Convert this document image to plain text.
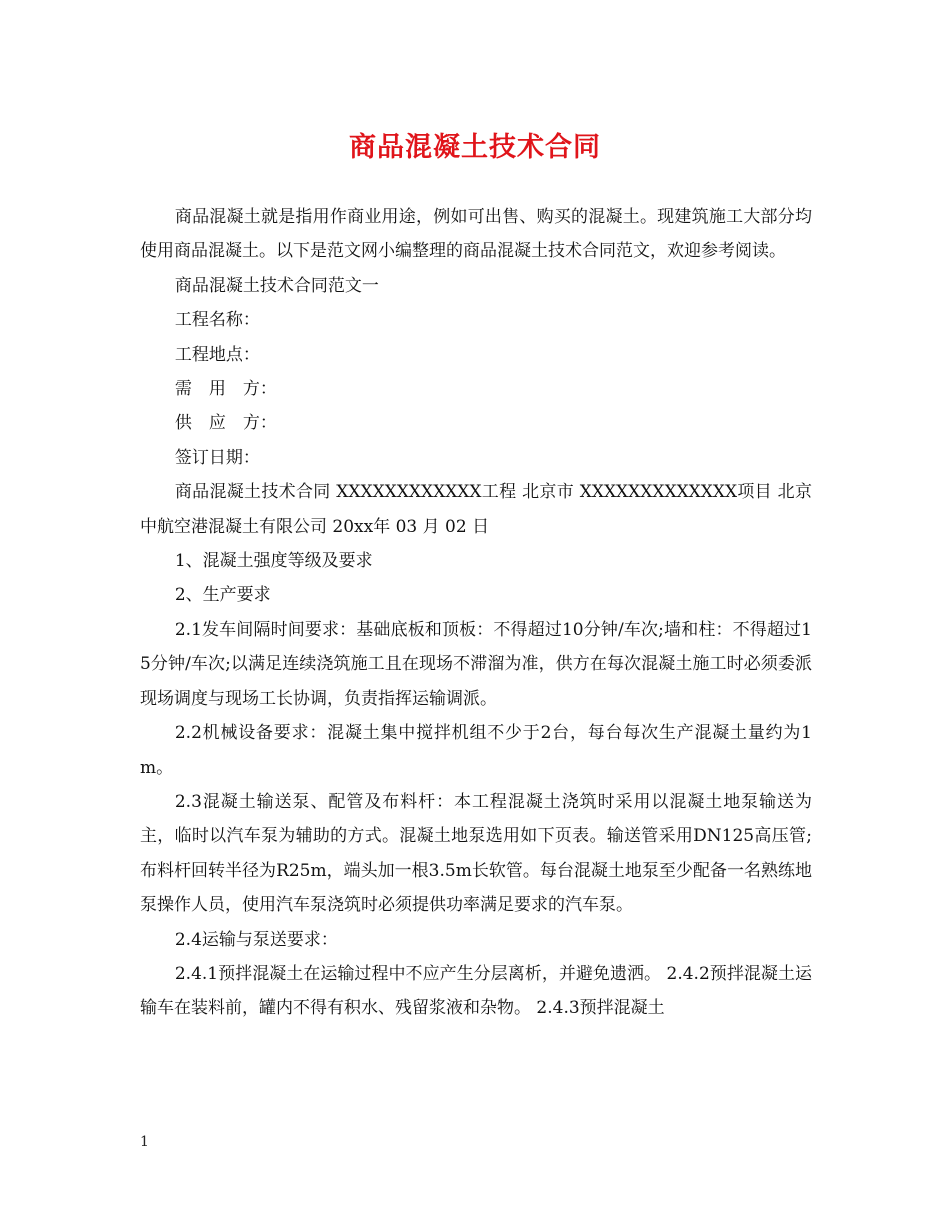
商品混凝土技术合同

商品混凝土就是指用作商业用途，例如可出售、购买的混凝土。现建筑施工大部分均使用商品混凝土。以下是范文网小编整理的商品混凝土技术合同范文，欢迎参考阅读。

商品混凝土技术合同范文一

工程名称：

工程地点：

需　用　方：

供　应　方：

签订日期：

商品混凝土技术合同 XXXXXXXXXXXX工程 北京市 XXXXXXXXXXXXX项目 北京中航空港混凝土有限公司 20xx年 03 月 02 日

1、混凝土强度等级及要求

2、生产要求

2.1发车间隔时间要求：基础底板和顶板：不得超过10分钟/车次;墙和柱：不得超过15分钟/车次;以满足连续浇筑施工且在现场不滞溜为准，供方在每次混凝土施工时必须委派现场调度与现场工长协调，负责指挥运输调派。

2.2机械设备要求：混凝土集中搅拌机组不少于2台，每台每次生产混凝土量约为1m。

2.3混凝土输送泵、配管及布料杆：本工程混凝土浇筑时采用以混凝土地泵输送为主，临时以汽车泵为辅助的方式。混凝土地泵选用如下页表。输送管采用DN125高压管;布料杆回转半径为R25m，端头加一根3.5m长软管。每台混凝土地泵至少配备一名熟练地泵操作人员，使用汽车泵浇筑时必须提供功率满足要求的汽车泵。

2.4运输与泵送要求：

2.4.1预拌混凝土在运输过程中不应产生分层离析，并避免遗洒。 2.4.2预拌混凝土运输车在装料前，罐内不得有积水、残留浆液和杂物。 2.4.3预拌混凝土

1
